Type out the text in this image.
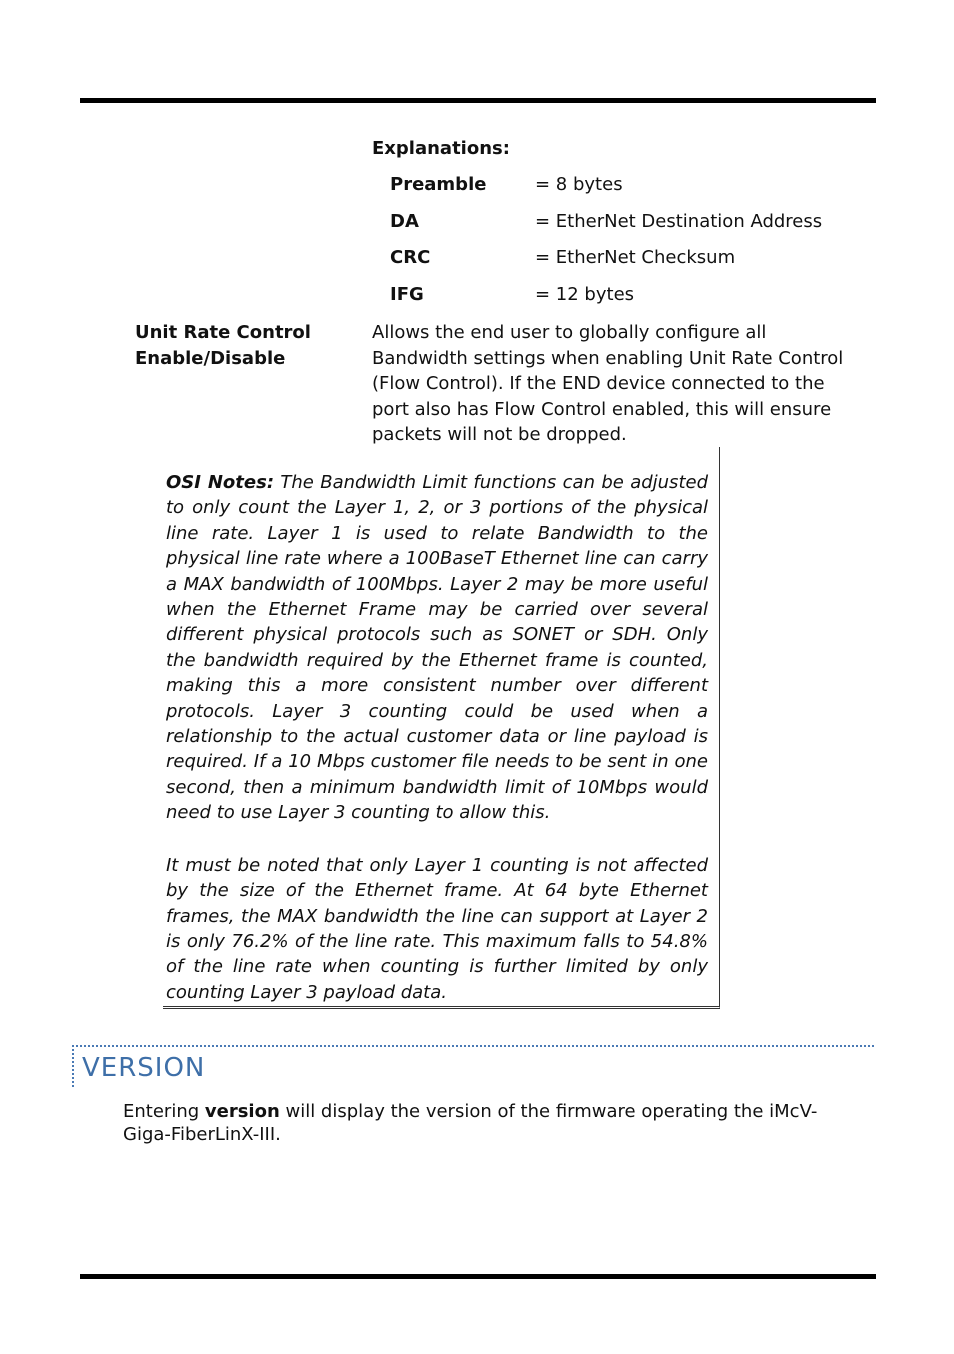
Explanations:
Preamble	= 8 bytes
DA	= EtherNet Destination Address
CRC	= EtherNet Checksum
IFG	= 12 bytes
Unit Rate Control
Enable/Disable
Allows the end user to globally configure all Bandwidth settings when enabling Unit Rate Control (Flow Control). If the END device connected to the port also has Flow Control enabled, this will ensure packets will not be dropped.

OSI Notes: The Bandwidth Limit functions can be adjusted to only count the Layer 1, 2, or 3 portions of the physical line rate. Layer 1 is used to relate Bandwidth to the physical line rate where a 100BaseT Ethernet line can carry a MAX bandwidth of 100Mbps. Layer 2 may be more useful when the Ethernet Frame may be carried over several different physical protocols such as SONET or SDH. Only the bandwidth required by the Ethernet frame is counted, making this a more consistent number over different protocols. Layer 3 counting could be used when a relationship to the actual customer data or line payload is required. If a 10 Mbps customer file needs to be sent in one second, then a minimum bandwidth limit of 10Mbps would need to use Layer 3 counting to allow this.

It must be noted that only Layer 1 counting is not affected by the size of the Ethernet frame. At 64 byte Ethernet frames, the MAX bandwidth the line can support at Layer 2 is only 76.2% of the line rate. This maximum falls to 54.8% of the line rate when counting is further limited by only counting Layer 3 payload data.

VERSION
Entering version will display the version of the firmware operating the iMcV-Giga-FiberLinX-III.
